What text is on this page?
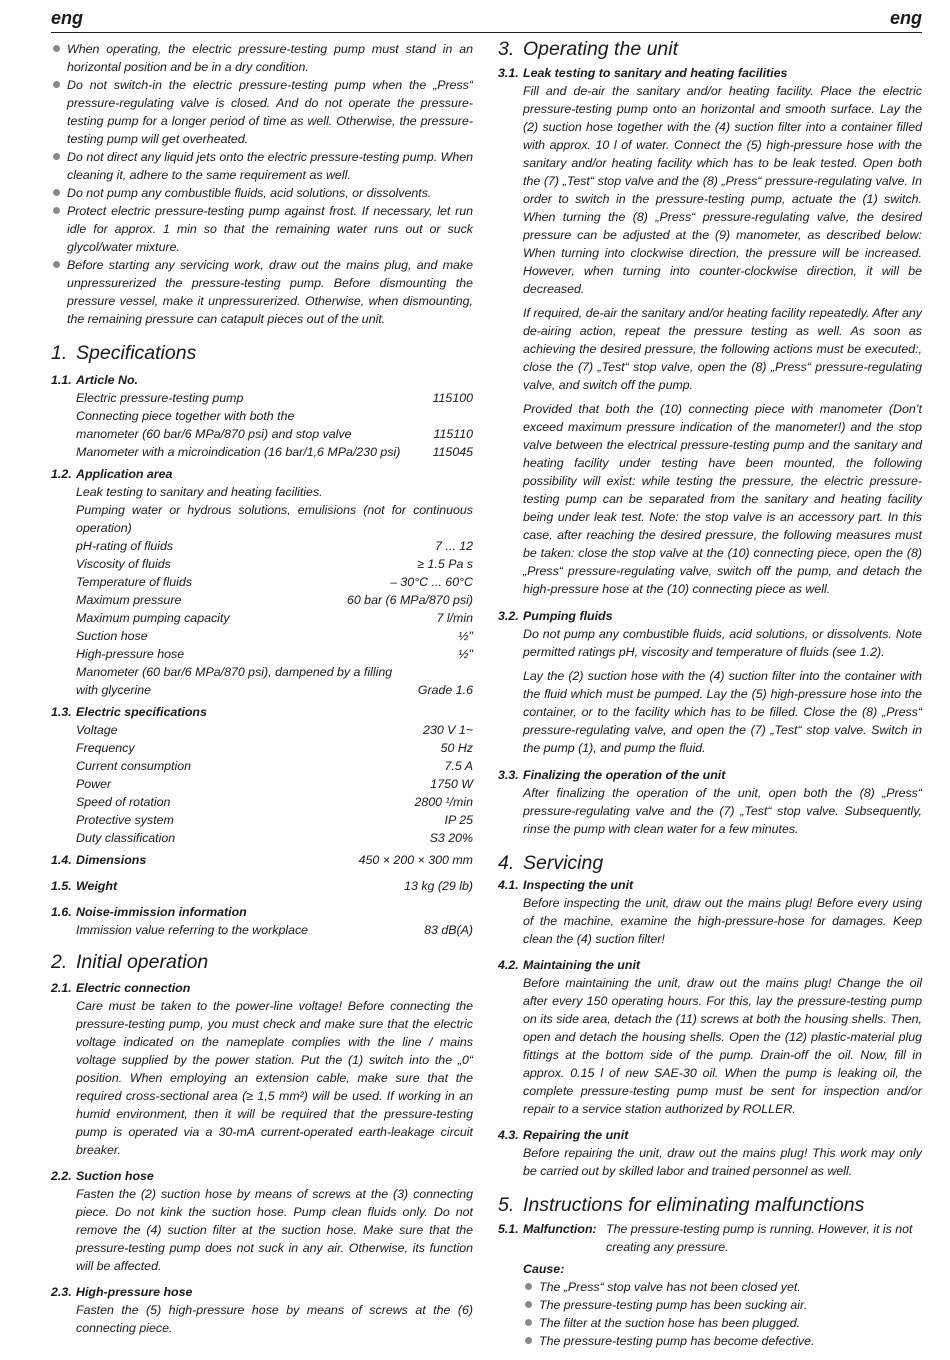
eng	eng
When operating, the electric pressure-testing pump must stand in an horizontal position and be in a dry condition.
Do not switch-in the electric pressure-testing pump when the „Press“ pressure-regulating valve is closed. And do not operate the pressure-testing pump for a longer period of time as well. Otherwise, the pressure-testing pump will get overheated.
Do not direct any liquid jets onto the electric pressure-testing pump. When cleaning it, adhere to the same requirement as well.
Do not pump any combustible fluids, acid solutions, or dissolvents.
Protect electric pressure-testing pump against frost. If necessary, let run idle for approx. 1 min so that the remaining water runs out or suck glycol/water mixture.
Before starting any servicing work, draw out the mains plug, and make unpressurerized the pressure-testing pump. Before dismounting the pressure vessel, make it unpressurerized. Otherwise, when dismounting, the remaining pressure can catapult pieces out of the unit.
1. Specifications
1.1. Article No.
Electric pressure-testing pump	115100
Connecting piece together with both the
manometer (60 bar/6 MPa/870 psi) and stop valve	115110
Manometer with a microindication (16 bar/1,6 MPa/230 psi)	115045
1.2. Application area

Leak testing to sanitary and heating facilities.

Pumping water or hydrous solutions, emulisions (not for continuous operation)

pH-rating of fluids	7 ... 12
Viscosity of fluids	≥ 1.5 Pa s
Temperature of fluids	– 30°C ... 60°C
Maximum pressure	60 bar (6 MPa/870 psi)
Maximum pumping capacity	7 l/min
Suction hose	½"
High-pressure hose	½"
Manometer (60 bar/6 MPa/870 psi), dampened by a filling
with glycerine	Grade 1.6
1.3. Electric specifications
Voltage	230 V 1~
Frequency	50 Hz
Current consumption	7.5 A
Power	1750 W
Speed of rotation	2800 ¹/min
Protective system	IP 25
Duty classification	S3 20%
1.4. Dimensions	450 × 200 × 300 mm
1.5. Weight	13 kg (29 lb)
1.6. Noise-immission information
Immission value referring to the workplace	83 dB(A)
2. Initial operation
2.1. Electric connection

Care must be taken to the power-line voltage! Before connecting the pressure-testing pump, you must check and make sure that the electric voltage indicated on the nameplate complies with the line / mains voltage supplied by the power station. Put the (1) switch into the „0“ position. When employing an extension cable, make sure that the required cross-sectional area (≥ 1,5 mm²) will be used. If working in an humid environment, then it will be required that the pressure-testing pump is operated via a 30-mA current-operated earth-leakage circuit breaker.

2.2. Suction hose

Fasten the (2) suction hose by means of screws at the (3) connecting piece. Do not kink the suction hose. Pump clean fluids only. Do not remove the (4) suction filter at the suction hose. Make sure that the pressure-testing pump does not suck in any air. Otherwise, its function will be affected.

2.3. High-pressure hose

Fasten the (5) high-pressure hose by means of screws at the (6) connecting piece.

3. Operating the unit
3.1. Leak testing to sanitary and heating facilities

Fill and de-air the sanitary and/or heating facility. Place the electric pressure-testing pump onto an horizontal and smooth surface. Lay the (2) suction hose together with the (4) suction filter into a container filled with approx. 10 l of water. Connect the (5) high-pressure hose with the sanitary and/or heating facility which has to be leak tested. Open both the (7) „Test“ stop valve and the (8) „Press“ pressure-regulating valve. In order to switch in the pressure-testing pump, actuate the (1) switch. When turning the (8) „Press“ pressure-regulating valve, the desired pressure can be adjusted at the (9) manometer, as described below: When turning into clockwise direction, the pressure will be increased. However, when turning into counter-clockwise direction, it will be decreased.

If required, de-air the sanitary and/or heating facility repeatedly. After any de-airing action, repeat the pressure testing as well. As soon as achieving the desired pressure, the following actions must be executed:, close the (7) „Test“ stop valve, open the (8) „Press“ pressure-regulating valve, and switch off the pump.

Provided that both the (10) connecting piece with manometer (Don’t exceed maximum pressure indication of the manometer!) and the stop valve between the electrical pressure-testing pump and the sanitary and heating facility under testing have been mounted, the following possibility will exist: while testing the pressure, the electric pressure-testing pump can be separated from the sanitary and heating facility being under leak test. Note: the stop valve is an accessory part. In this case, after reaching the desired pressure, the following measures must be taken: close the stop valve at the (10) connecting piece, open the (8) „Press“ pressure-regulating valve, switch off the pump, and detach the high-pressure hose at the (10) connecting piece as well.

3.2. Pumping fluids

Do not pump any combustible fluids, acid solutions, or dissolvents. Note permitted ratings pH, viscosity and temperature of fluids (see 1.2).

Lay the (2) suction hose with the (4) suction filter into the container with the fluid which must be pumped. Lay the (5) high-pressure hose into the container, or to the facility which has to be filled. Close the (8) „Press“ pressure-regulating valve, and open the (7) „Test“ stop valve. Switch in the pump (1), and pump the fluid.

3.3. Finalizing the operation of the unit

After finalizing the operation of the unit, open both the (8) „Press“ pressure-regulating valve and the (7) „Test“ stop valve. Subsequently, rinse the pump with clean water for a few minutes.

4. Servicing
4.1. Inspecting the unit

Before inspecting the unit, draw out the mains plug! Before every using of the machine, examine the high-pressure-hose for damages. Keep clean the (4) suction filter!

4.2. Maintaining the unit

Before maintaining the unit, draw out the mains plug! Change the oil after every 150 operating hours. For this, lay the pressure-testing pump on its side area, detach the (11) screws at both the housing shells. Then, open and detach the housing shells. Open the (12) plastic-material plug fittings at the bottom side of the pump. Drain-off the oil. Now, fill in approx. 0.15 l of new SAE-30 oil. When the pump is leaking oil, the complete pressure-testing pump must be sent for inspection and/or repair to a service station authorized by ROLLER.

4.3. Repairing the unit

Before repairing the unit, draw out the mains plug! This work may only be carried out by skilled labor and trained personnel as well.

5. Instructions for eliminating malfunctions
5.1. Malfunction: The pressure-testing pump is running. However, it is not creating any pressure.
Cause:
The „Press“ stop valve has not been closed yet.
The pressure-testing pump has been sucking air.
The filter at the suction hose has been plugged.
The pressure-testing pump has become defective.
